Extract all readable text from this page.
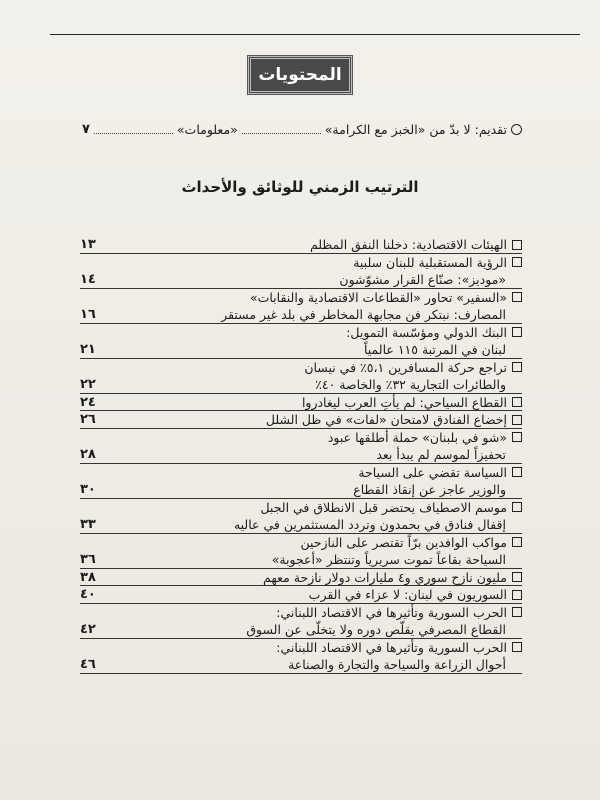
المحتويات
تقديم: لا بدّ من «الخبز مع الكرامة»
«معلومات»
٧
الترتيب الزمني للوثائق والأحداث
الهيئات الاقتصادية: دخلنا النفق المظلم
١٣
الرؤية المستقبلية للبنان سلبية
«موديز»: صنّاع القرار مشوّشون
١٤
«السفير» تحاور «القطاعات الاقتصادية والنقابات»
المصارف: نبتكر فن مجابهة المخاطر في بلد غير مستقر
١٦
البنك الدولي ومؤسّسة التمويل:
لبنان في المرتبة ١١٥ عالمياً
٢١
تراجع حركة المسافرين ٥،١٪ في نيسان
والطائرات التجارية ٣٢٪ والخاصة ٤٠٪
٢٢
القطاع السياحي: لم يأتِ العرب ليغادروا
٢٤
إخضاع الفنادق لامتحان «لفات» في ظل الشلل
٢٦
«شو في بلبنان» حملة أطلقها عبود
تحفيزاً لموسم لم يبدأ بعد
٢٨
السياسة تقضي على السياحة
والوزير عاجز عن إنقاذ القطاع
٣٠
موسم الاصطياف يحتضر قبل الانطلاق في الجبل
إقفال فنادق في بحمدون وتردد المستثمرين في عاليه
٣٣
مواكب الوافدين برّاً تقتصر على النازحين
السياحة بقاعاً تموت سريرياً وتنتظر «أعجوبة»
٣٦
مليون نازح سوري و٤ مليارات دولار نازحة معهم
٣٨
السوريون في لبنان: لا عزاء في القرب
٤٠
الحرب السورية وتأثيرها في الاقتصاد اللبناني:
القطاع المصرفي يقلّص دوره ولا يتخلّى عن السوق
٤٢
الحرب السورية وتأثيرها في الاقتصاد اللبناني:
أحوال الزراعة والسياحة والتجارة والصناعة
٤٦
